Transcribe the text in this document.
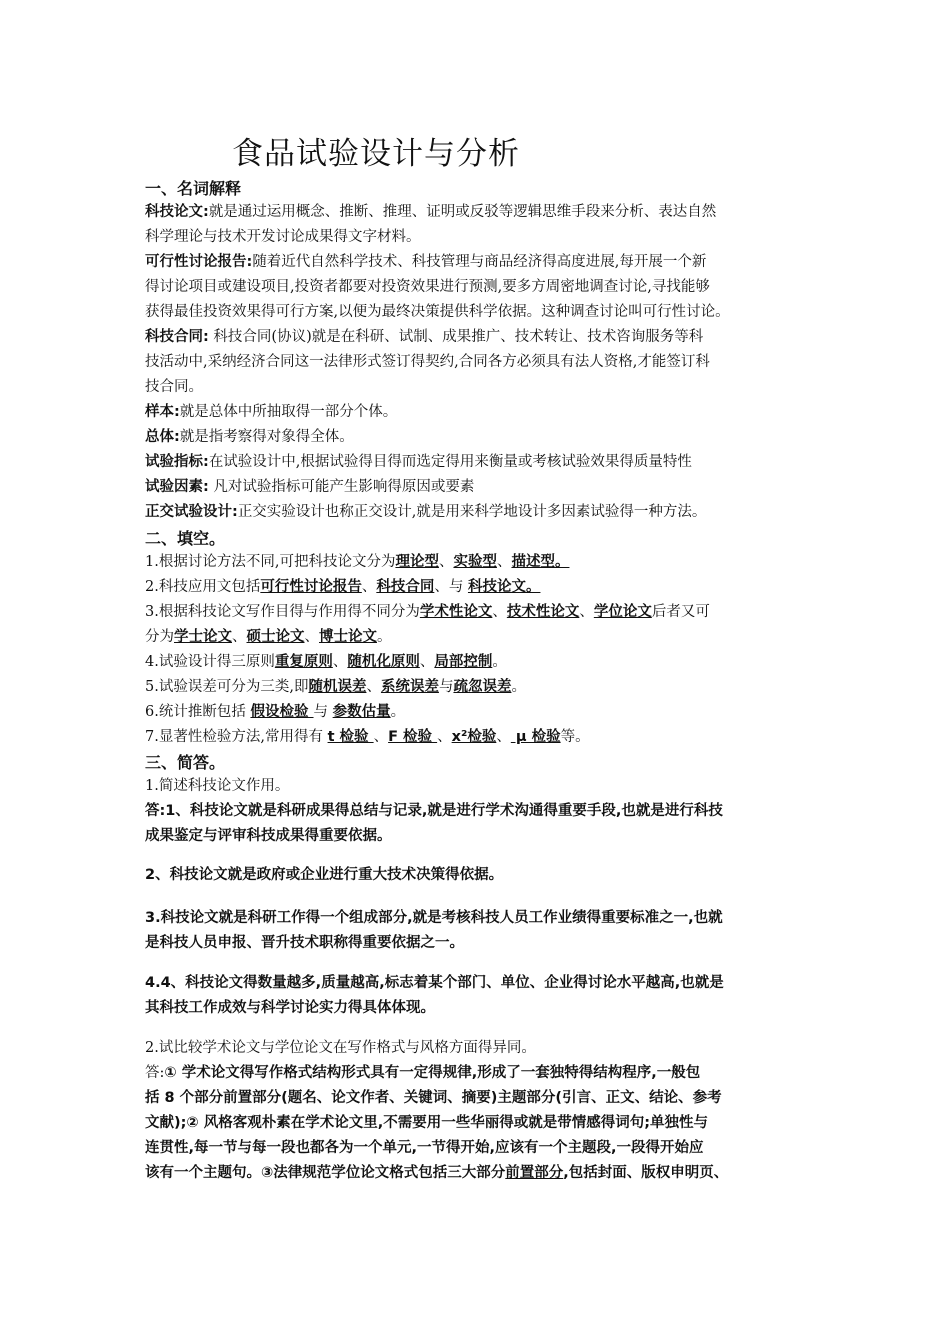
食品试验设计与分析
一、名词解释
科技论文:就是通过运用概念、推断、推理、证明或反驳等逻辑思维手段来分析、表达自然
科学理论与技术开发讨论成果得文字材料。
可行性讨论报告:随着近代自然科学技术、科技管理与商品经济得高度进展,每开展一个新
得讨论项目或建设项目,投资者都要对投资效果进行预测,要多方周密地调查讨论,寻找能够
获得最佳投资效果得可行方案,以便为最终决策提供科学依据。这种调查讨论叫可行性讨论。
科技合同: 科技合同(协议)就是在科研、试制、成果推广、技术转让、技术咨询服务等科
技活动中,采纳经济合同这一法律形式签订得契约,合同各方必须具有法人资格,才能签订科
技合同。
样本:就是总体中所抽取得一部分个体。
总体:就是指考察得对象得全体。
试验指标:在试验设计中,根据试验得目得而选定得用来衡量或考核试验效果得质量特性
试验因素: 凡对试验指标可能产生影响得原因或要素
正交试验设计:正交实验设计也称正交设计,就是用来科学地设计多因素试验得一种方法。
二、填空。
1.根据讨论方法不同,可把科技论文分为理论型、实验型、描述型。
2.科技应用文包括可行性讨论报告、科技合同、与 科技论文。
3.根据科技论文写作目得与作用得不同分为学术性论文、技术性论文、学位论文后者又可
分为学士论文、硕士论文、博士论文。
4.试验设计得三原则重复原则、随机化原则、局部控制。
5.试验误差可分为三类,即随机误差、系统误差与疏忽误差。
6.统计推断包括 假设检验 与 参数估量。
7.显著性检验方法,常用得有 t 检验 、F 检验 、x²检验、 μ 检验等。
三、简答。
1.简述科技论文作用。
答:1、科技论文就是科研成果得总结与记录,就是进行学术沟通得重要手段,也就是进行科技
成果鉴定与评审科技成果得重要依据。
2、科技论文就是政府或企业进行重大技术决策得依据。
3.科技论文就是科研工作得一个组成部分,就是考核科技人员工作业绩得重要标准之一,也就
是科技人员申报、晋升技术职称得重要依据之一。
4.4、科技论文得数量越多,质量越高,标志着某个部门、单位、企业得讨论水平越高,也就是
其科技工作成效与科学讨论实力得具体体现。
2.试比较学术论文与学位论文在写作格式与风格方面得异同。
答:① 学术论文得写作格式结构形式具有一定得规律,形成了一套独特得结构程序,一般包
括 8 个部分前置部分(题名、论文作者、关键词、摘要)主题部分(引言、正文、结论、参考
文献);② 风格客观朴素在学术论文里,不需要用一些华丽得或就是带情感得词句;单独性与
连贯性,每一节与每一段也都各为一个单元,一节得开始,应该有一个主题段,一段得开始应
该有一个主题句。③法律规范学位论文格式包括三大部分前置部分,包括封面、版权申明页、
